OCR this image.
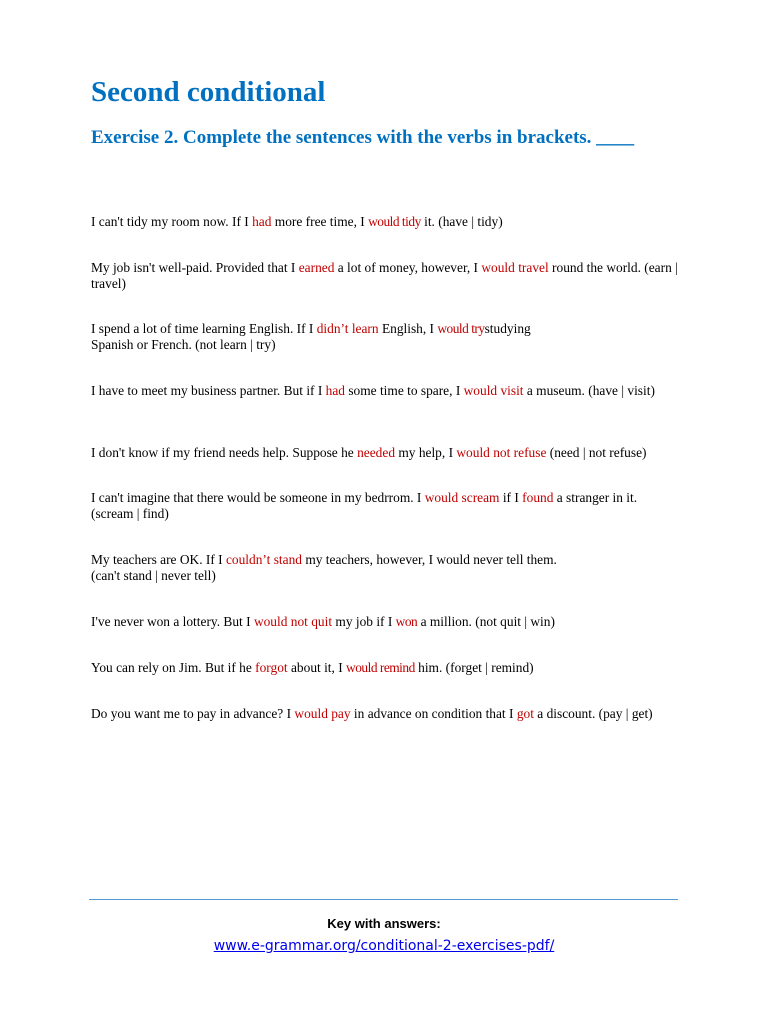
Second conditional
Exercise 2. Complete the sentences with the verbs in brackets. ____
I can't tidy my room now. If I had more free time, I would tidy it. (have | tidy)
My job isn't well-paid. Provided that I earned a lot of money, however, I would travel round the world. (earn | travel)
I spend a lot of time learning English. If I didn’t learn English, I would trystudying
Spanish or French. (not learn | try)
I have to meet my business partner. But if I had some time to spare, I would visit a museum. (have | visit)
I don't know if my friend needs help. Suppose he needed my help, I would not refuse (need | not refuse)
I can't imagine that there would be someone in my bedrrom. I would scream if I found a stranger in it. (scream | find)
My teachers are OK. If I couldn’t stand my teachers, however, I would never tell them.
(can't stand | never tell)
I've never won a lottery. But I would not quit my job if I won a million. (not quit | win)
You can rely on Jim. But if he forgot about it, I would remind him. (forget | remind)
Do you want me to pay in advance? I would pay in advance on condition that I got a discount. (pay | get)
Key with answers:
www.e-grammar.org/conditional-2-exercises-pdf/
